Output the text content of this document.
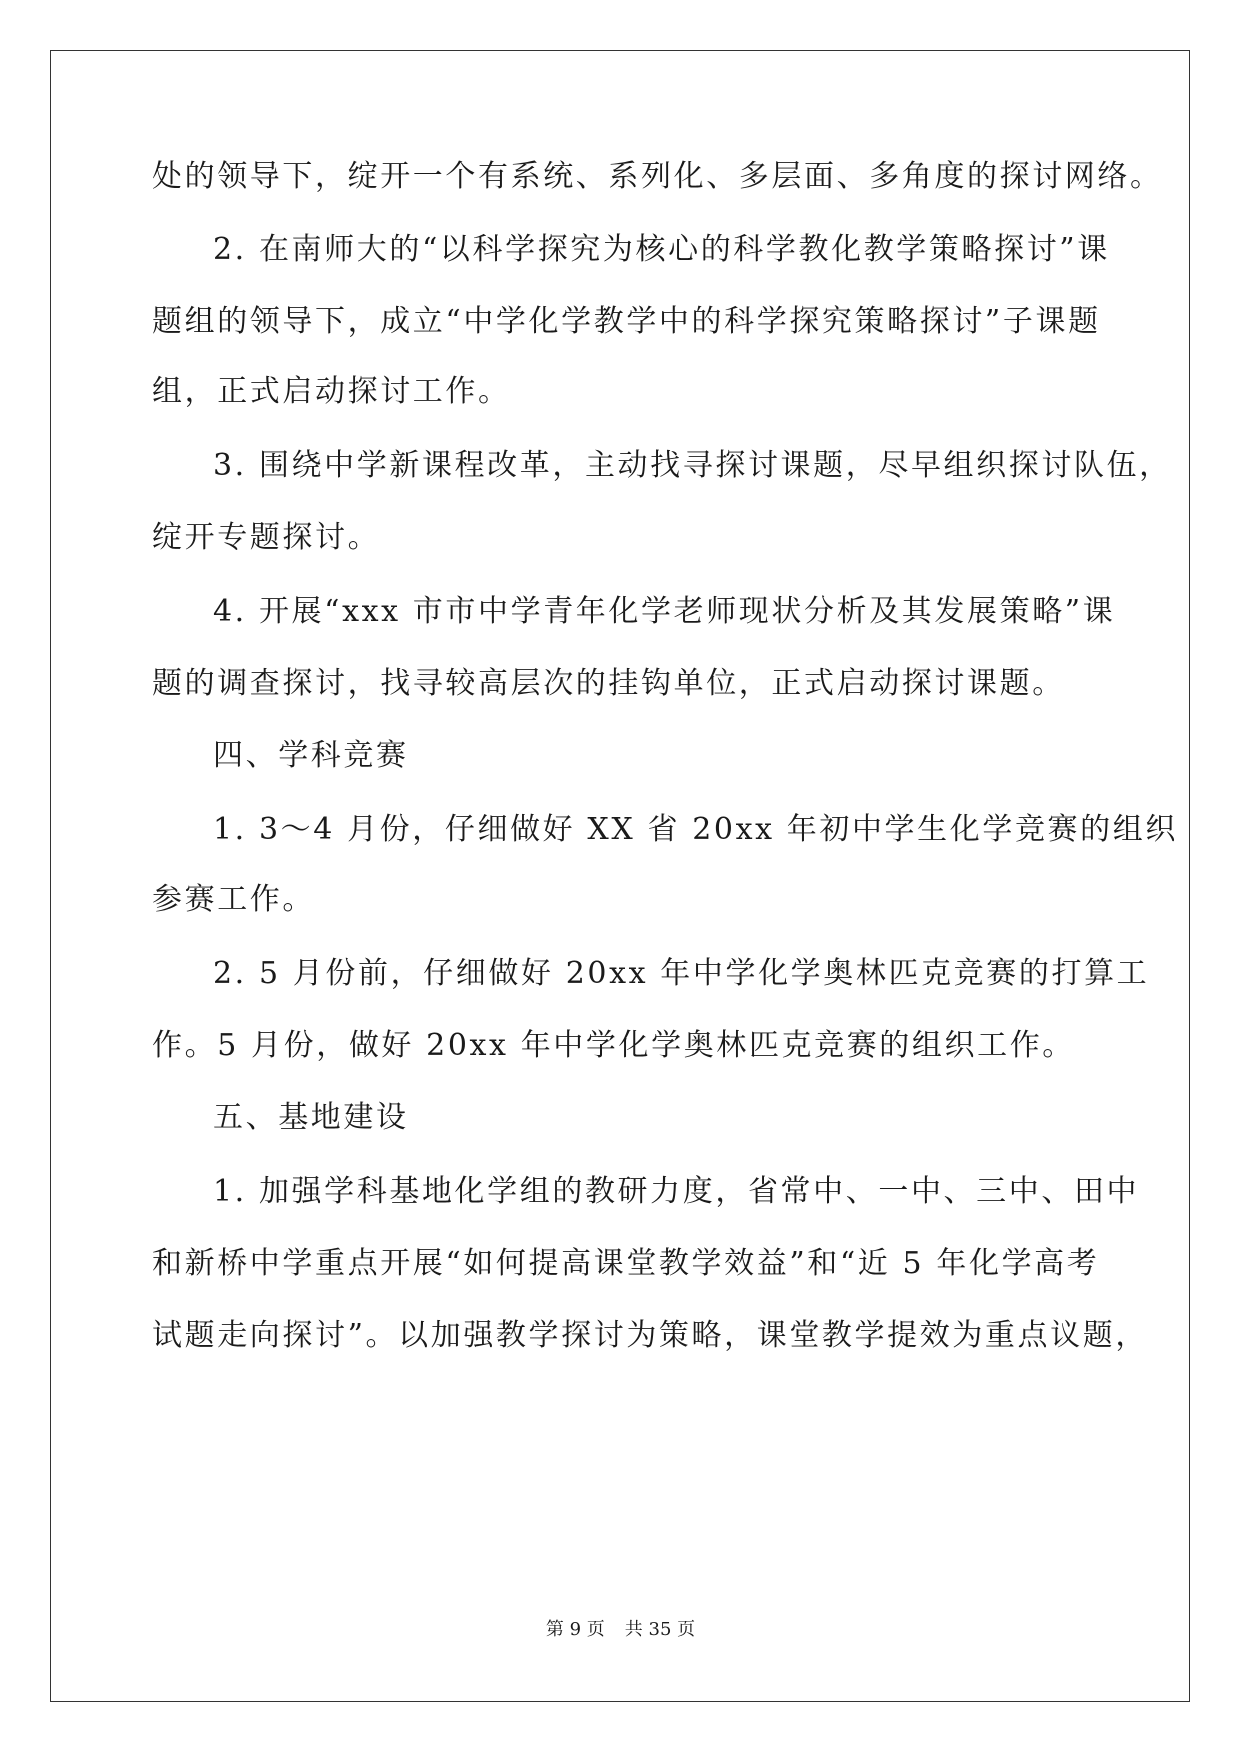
处的领导下，绽开一个有系统、系列化、多层面、多角度的探讨网络。
2. 在南师大的“以科学探究为核心的科学教化教学策略探讨”课
题组的领导下，成立“中学化学教学中的科学探究策略探讨”子课题
组，正式启动探讨工作。
3. 围绕中学新课程改革，主动找寻探讨课题，尽早组织探讨队伍，
绽开专题探讨。
4. 开展“xxx 市市中学青年化学老师现状分析及其发展策略”课
题的调查探讨，找寻较高层次的挂钩单位，正式启动探讨课题。
四、学科竞赛
1. 3～4 月份，仔细做好 XX 省 20xx 年初中学生化学竞赛的组织
参赛工作。
2. 5 月份前，仔细做好 20xx 年中学化学奥林匹克竞赛的打算工
作。5 月份，做好 20xx 年中学化学奥林匹克竞赛的组织工作。
五、基地建设
1. 加强学科基地化学组的教研力度，省常中、一中、三中、田中
和新桥中学重点开展“如何提高课堂教学效益”和“近 5 年化学高考
试题走向探讨”。以加强教学探讨为策略，课堂教学提效为重点议题，
第 9 页 共 35 页
